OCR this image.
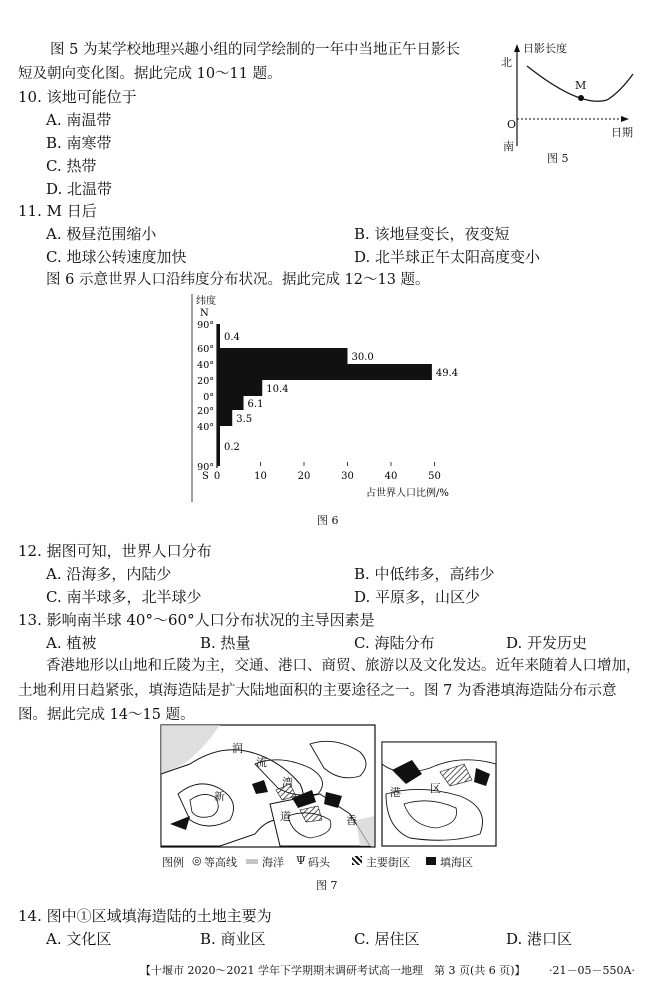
图 5 为某学校地理兴趣小组的同学绘制的一年中当地正午日影长
短及朝向变化图。据此完成 10～11 题。
日影长度
北
M
O
南
日期
图 5
10. 该地可能位于
A. 南温带
B. 南寒带
C. 热带
D. 北温带
11. M 日后
A. 极昼范围缩小	B. 该地昼变长，夜变短
C. 地球公转速度加快	D. 北半球正午太阳高度变小
图 6 示意世界人口沿纬度分布状况。据此完成 12～13 题。
纬度
N
S
90°
60°
40°
20°
0°
20°
40°
90°
0.4
30.0
49.4
10.4
6.1
3.5
0.2
0	10	20	30	40	50
占世界人口比例/%
图 6
12. 据图可知，世界人口分布
A. 沿海多，内陆少	B. 中低纬多，高纬少
C. 南半球多，北半球少	D. 平原多，山区少
13. 影响南半球 40°～60°人口分布状况的主导因素是
A. 植被	B. 热量	C. 海陆分布	D. 开发历史
香港地形以山地和丘陵为主，交通、港口、商贸、旅游以及文化发达。近年来随着人口增加，
土地利用日趋紧张，填海造陆是扩大陆地面积的主要途径之一。图 7 为香港填海造陆分布示意
图。据此完成 14～15 题。
润
流
新
湾
道	香
港	区
图例 ◎ 等高线 海洋 Ψ 码头	主要街区	填海区
图 7
14. 图中①区域填海造陆的土地主要为
A. 文化区	B. 商业区	C. 居住区	D. 港口区
【十堰市 2020～2021 学年下学期期末调研考试高一地理　第 3 页(共 6 页)】 ·21－05－550A·
